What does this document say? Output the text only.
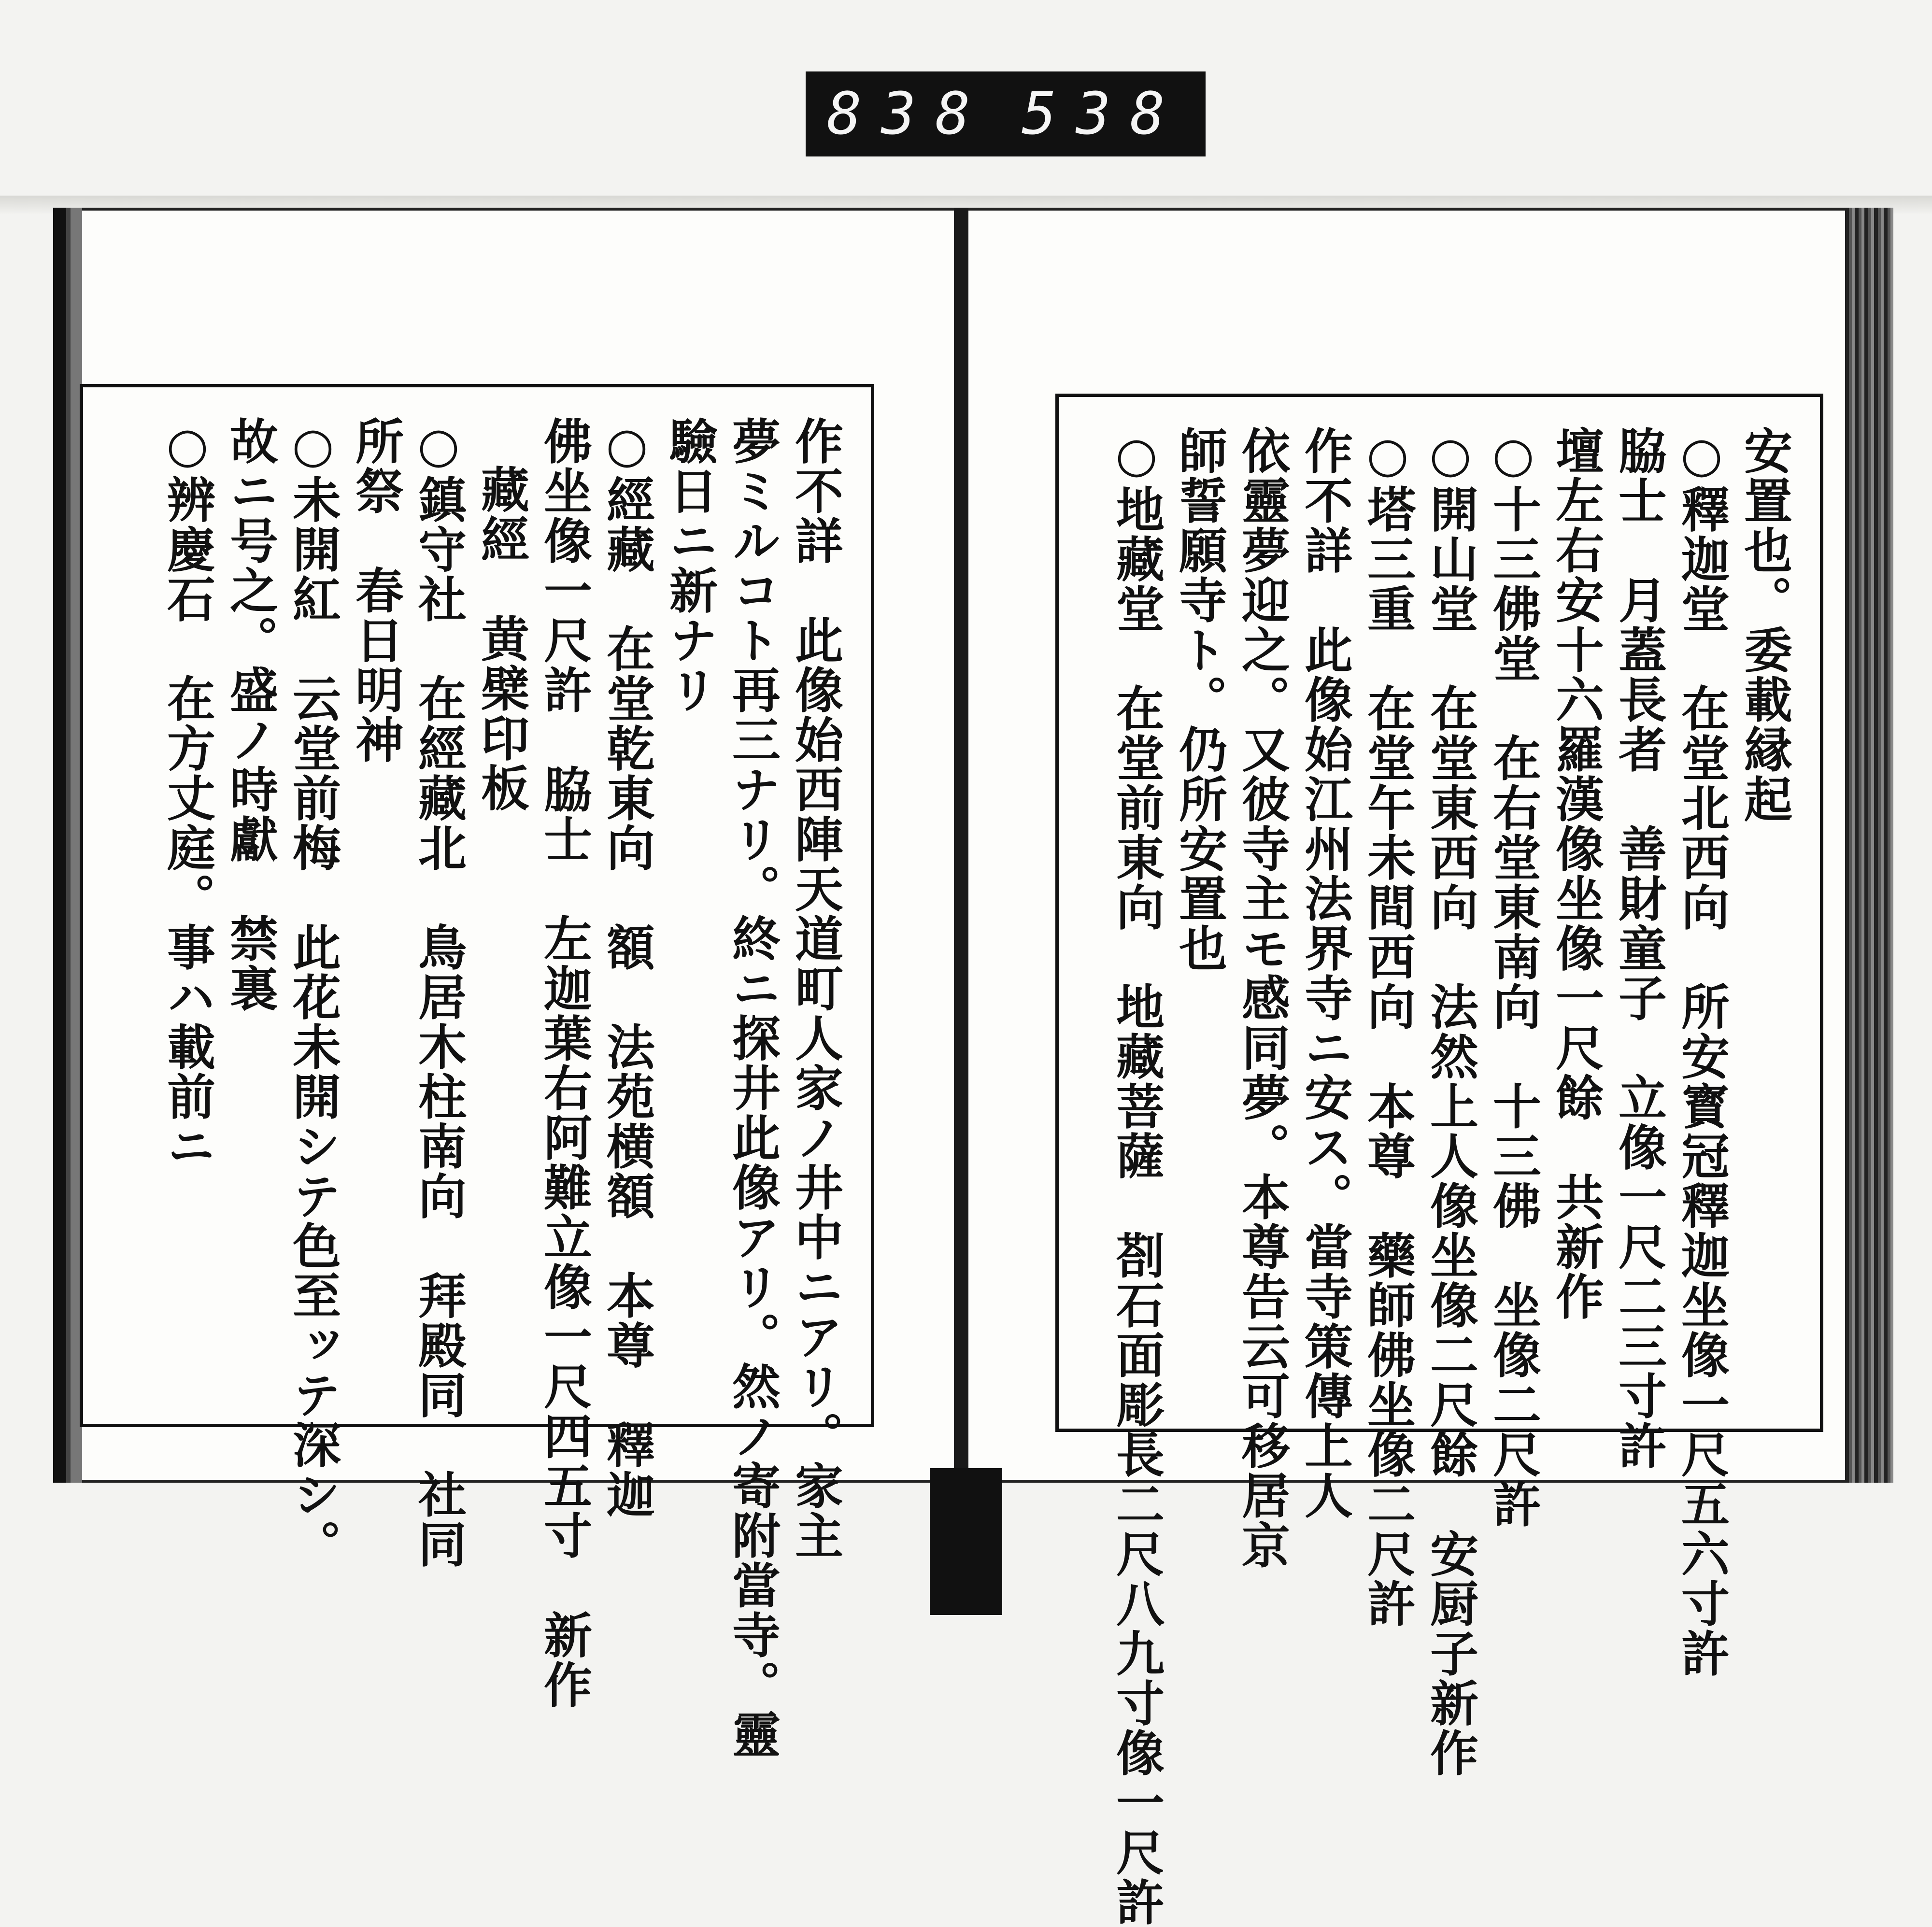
838 538
作不詳　此像始西陣天道町人家ノ井中ニアリ。家主
夢ミルコト再三ナリ。終ニ探井此像アリ。然ノ寄附當寺。靈
驗日ニ新ナリ
○經藏　在堂乾東向　額　法苑横額　本尊　釋迦
佛坐像一尺許　脇士　左迦葉右阿難立像一尺四五寸　新作
藏經　黄檗印板
○鎮守社　在經藏北　鳥居木柱南向　拜殿同　社同
所祭　春日明神
○未開紅　云堂前梅　此花未開シテ色至ッテ深シ。
故ニ号之。盛ノ時獻　禁裏
○辨慶石　在方丈庭。事ハ載前ニ	安置也。委載縁起
○釋迦堂　在堂北西向　所安寳冠釋迦坐像一尺五六寸許
脇士　月蓋長者　善財童子　立像一尺二三寸許
壇左右安十六羅漢像坐像一尺餘　共新作
○十三佛堂　在右堂東南向　十三佛　坐像二尺許
○開山堂　在堂東西向　法然上人像坐像二尺餘　安厨子新作
○塔三重　在堂午未間西向　本尊　藥師佛坐像二尺許
作不詳　此像始江州法界寺ニ安ス。當寺策傳上人
依靈夢迎之。又彼寺主モ感同夢。本尊告云可移居京
師誓願寺ト。仍所安置也
○地藏堂　在堂前東向　地藏菩薩　剳石面彫長二尺八九寸像一尺許
